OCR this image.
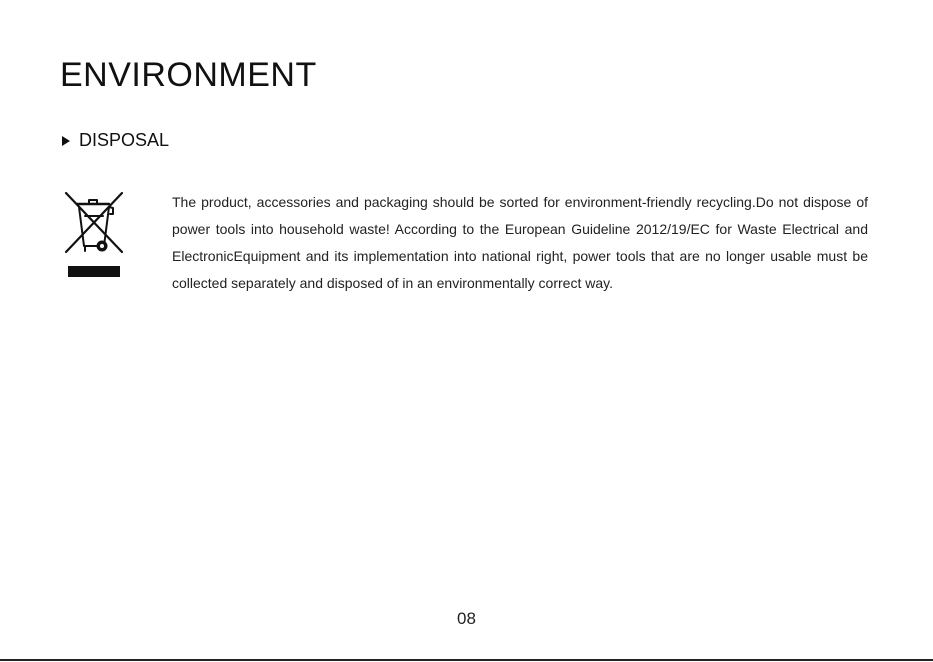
ENVIRONMENT
DISPOSAL

The product, accessories and packaging should be sorted for environment-friendly recycling.Do not dispose of power tools into household waste! According to the European Guideline 2012/19/EC for Waste Electrical and ElectronicEquipment and its implementation into national right, power tools that are no longer usable must be collected separately and disposed of in an environmentally correct way.

08
